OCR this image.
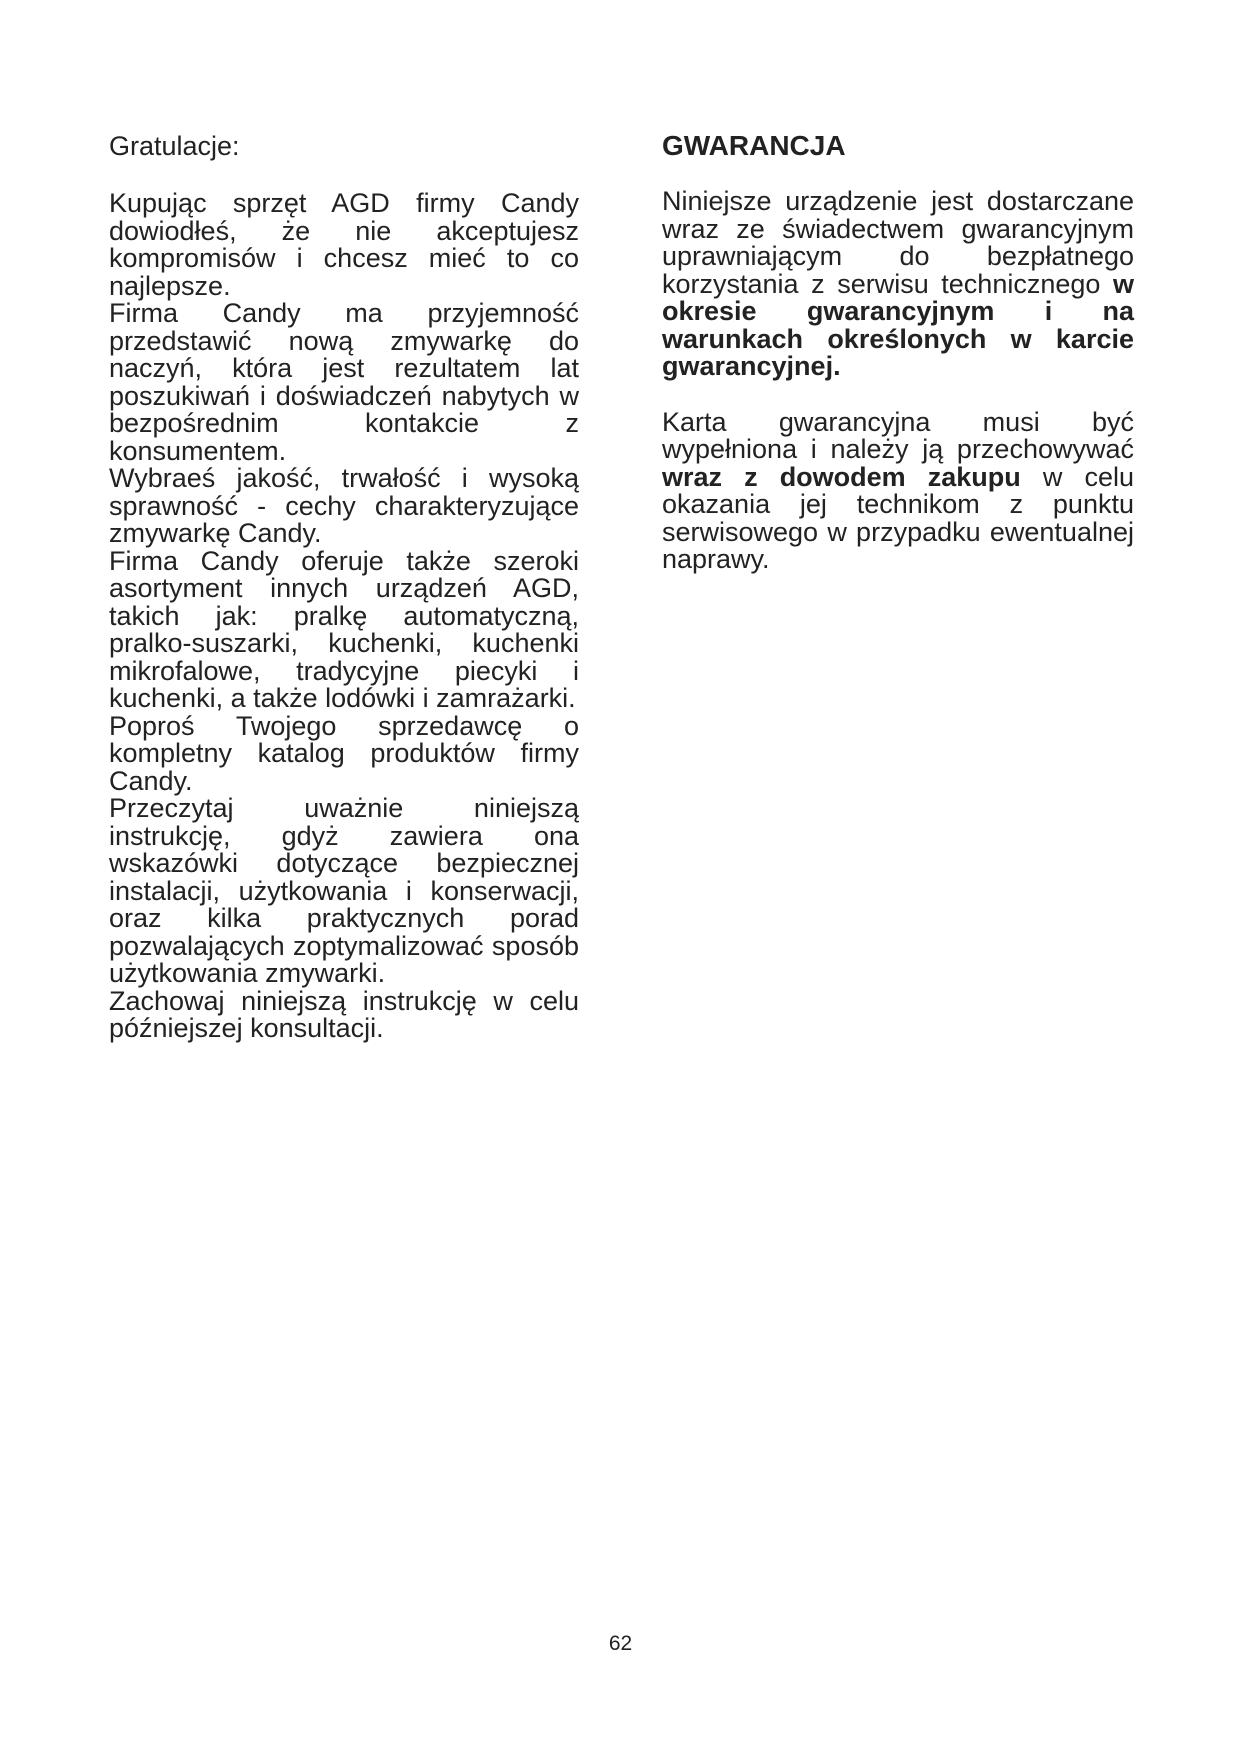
Gratulacje:

Kupując sprzęt AGD firmy Candy dowiodłeś, że nie akceptujesz kompromisów i chcesz mieć to co najlepsze.

Firma Candy ma przyjemność przedstawić nową zmywarkę do naczyń, która jest rezultatem lat poszukiwań i doświadczeń nabytych w bezpośrednim kontakcie z konsumentem.

Wybraeś jakość, trwałość i wysoką sprawność - cechy charakteryzujące zmywarkę Candy.

Firma Candy oferuje także szeroki asortyment innych urządzeń AGD, takich jak: pralkę automatyczną, pralko-suszarki, kuchenki, kuchenki mikrofalowe, tradycyjne piecyki i kuchenki, a także lodówki i zamrażarki.

Poproś Twojego sprzedawcę o kompletny katalog produktów firmy Candy.

Przeczytaj uważnie niniejszą instrukcję, gdyż zawiera ona wskazówki dotyczące bezpiecznej instalacji, użytkowania i konserwacji, oraz kilka praktycznych porad pozwalających zoptymalizować sposób użytkowania zmywarki.

Zachowaj niniejszą instrukcję w celu późniejszej konsultacji.

GWARANCJA

Niniejsze urządzenie jest dostarczane wraz ze świadectwem gwarancyjnym uprawniającym do bezpłatnego korzystania z serwisu technicznego w okresie gwarancyjnym i na warunkach określonych w karcie gwarancyjnej.

Karta gwarancyjna musi być wypełniona i należy ją przechowywać wraz z dowodem zakupu w celu okazania jej technikom z punktu serwisowego w przypadku ewentualnej naprawy.

62
